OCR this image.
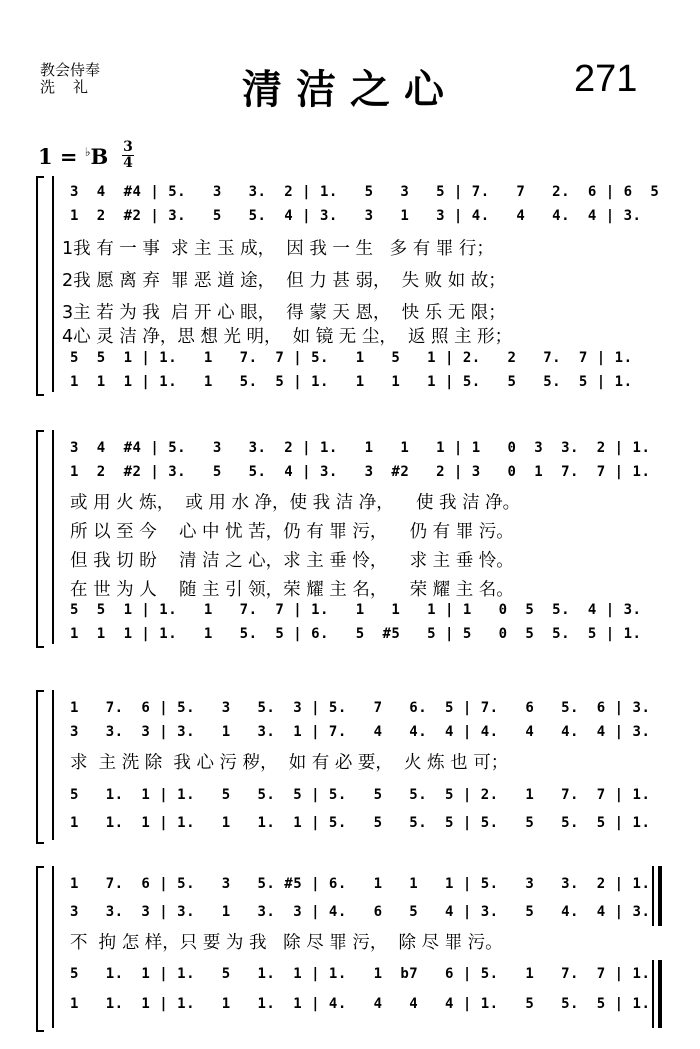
教会侍奉
洗礼	清洁之心	271
1 = ♭B 3
4
3  4  #4 | 5.   3   3.  2 | 1.   5   3   5 | 7.   7   2.  6 | 6  5
1  2  #2 | 3.   5   5.  4 | 3.   3   1   3 | 4.   4   4.  4 | 3.
1我 有 一 事  求 主 玉 成，  因 我 一 生   多 有 罪 行；
2我 愿 离 弃  罪 恶 道 途，  但 力 甚 弱，  失 败 如 故；
3主 若 为 我  启 开 心 眼，  得 蒙 天 恩，  快 乐 无 限；
4心 灵 洁 净，思 想 光 明，  如 镜 无 尘，  返 照 主 形；
5  5  1 | 1.   1   7.  7 | 5.   1   5   1 | 2.   2   7.  7 | 1.
1  1  1 | 1.   1   5.  5 | 1.   1   1   1 | 5.   5   5.  5 | 1.
3  4  #4 | 5.   3   3.  2 | 1.   1   1   1 | 1   0  3  3.  2 | 1.
1  2  #2 | 3.   5   5.  4 | 3.   3  #2   2 | 3   0  1  7.  7 | 1.
或 用 火 炼，  或 用 水 净，使 我 洁 净，    使 我 洁 净。
所 以 至 今    心 中 忧 苦，仍 有 罪 污，    仍 有 罪 污。
但 我 切 盼    清 洁 之 心，求 主 垂 怜，    求 主 垂 怜。
在 世 为 人    随 主 引 领，荣 耀 主 名，    荣 耀 主 名。
5  5  1 | 1.   1   7.  7 | 1.   1   1   1 | 1   0  5  5.  4 | 3.
1  1  1 | 1.   1   5.  5 | 6.   5  #5   5 | 5   0  5  5.  5 | 1.
1   7.  6 | 5.   3   5.  3 | 5.   7   6.  5 | 7.   6   5.  6 | 3.
3   3.  3 | 3.   1   3.  1 | 7.   4   4.  4 | 4.   4   4.  4 | 3.
求  主 洗 除  我 心 污 秽，  如 有 必 要，  火 炼 也 可；
5   1.  1 | 1.   5   5.  5 | 5.   5   5.  5 | 2.   1   7.  7 | 1.
1   1.  1 | 1.   1   1.  1 | 5.   5   5.  5 | 5.   5   5.  5 | 1.
1   7.  6 | 5.   3   5. #5 | 6.   1   1   1 | 5.   3   3.  2 | 1.
3   3.  3 | 3.   1   3.  3 | 4.   6   5   4 | 3.   5   4.  4 | 3.
不  拘 怎 样，只 要 为 我   除 尽 罪 污，  除 尽 罪 污。
5   1.  1 | 1.   5   1.  1 | 1.   1  b7   6 | 5.   1   7.  7 | 1.
1   1.  1 | 1.   1   1.  1 | 4.   4   4   4 | 1.   5   5.  5 | 1.
